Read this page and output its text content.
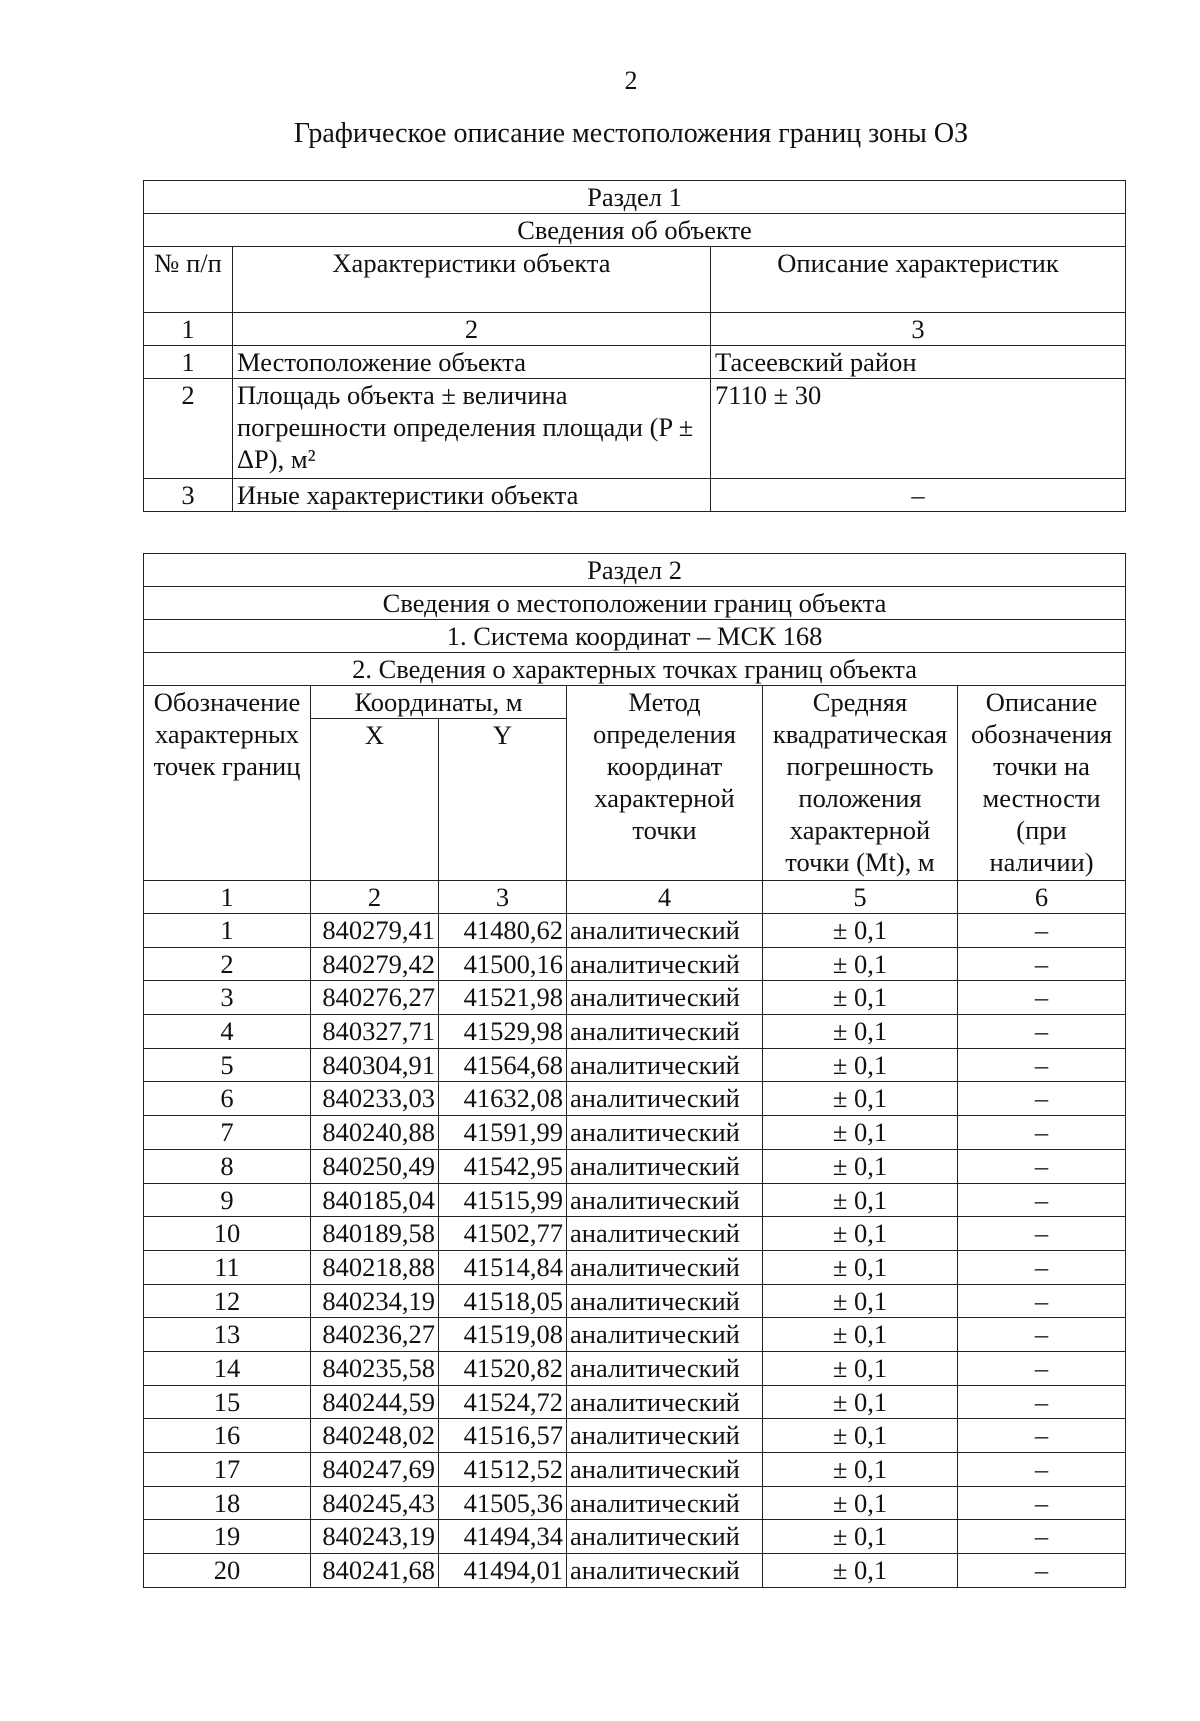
2
Графическое описание местоположения границ зоны ОЗ
Раздел 1		
Сведения об объекте		
№ п/п	Характеристики объекта	Описание характеристик
1	2	3
1	Местоположение объекта	Тасеевский район
2	Площадь объекта ± величина погрешности определения площади (P ± ΔP), м²	7110 ± 30
3	Иные характеристики объекта	–
Раздел 2					
Сведения о местоположении границ объекта					
1. Система координат – МСК 168					
2. Сведения о характерных точках границ объекта					
Обозначение характерных точек границ	Координаты, м		Метод определения координат характерной точки	Средняя квадратическая погрешность положения характерной точки (Mt), м	Описание обозначения точки на местности (при наличии)
	X	Y			
1	2	3	4	5	6
1	840279,41	41480,62	аналитический	± 0,1	–
2	840279,42	41500,16	аналитический	± 0,1	–
3	840276,27	41521,98	аналитический	± 0,1	–
4	840327,71	41529,98	аналитический	± 0,1	–
5	840304,91	41564,68	аналитический	± 0,1	–
6	840233,03	41632,08	аналитический	± 0,1	–
7	840240,88	41591,99	аналитический	± 0,1	–
8	840250,49	41542,95	аналитический	± 0,1	–
9	840185,04	41515,99	аналитический	± 0,1	–
10	840189,58	41502,77	аналитический	± 0,1	–
11	840218,88	41514,84	аналитический	± 0,1	–
12	840234,19	41518,05	аналитический	± 0,1	–
13	840236,27	41519,08	аналитический	± 0,1	–
14	840235,58	41520,82	аналитический	± 0,1	–
15	840244,59	41524,72	аналитический	± 0,1	–
16	840248,02	41516,57	аналитический	± 0,1	–
17	840247,69	41512,52	аналитический	± 0,1	–
18	840245,43	41505,36	аналитический	± 0,1	–
19	840243,19	41494,34	аналитический	± 0,1	–
20	840241,68	41494,01	аналитический	± 0,1	–
